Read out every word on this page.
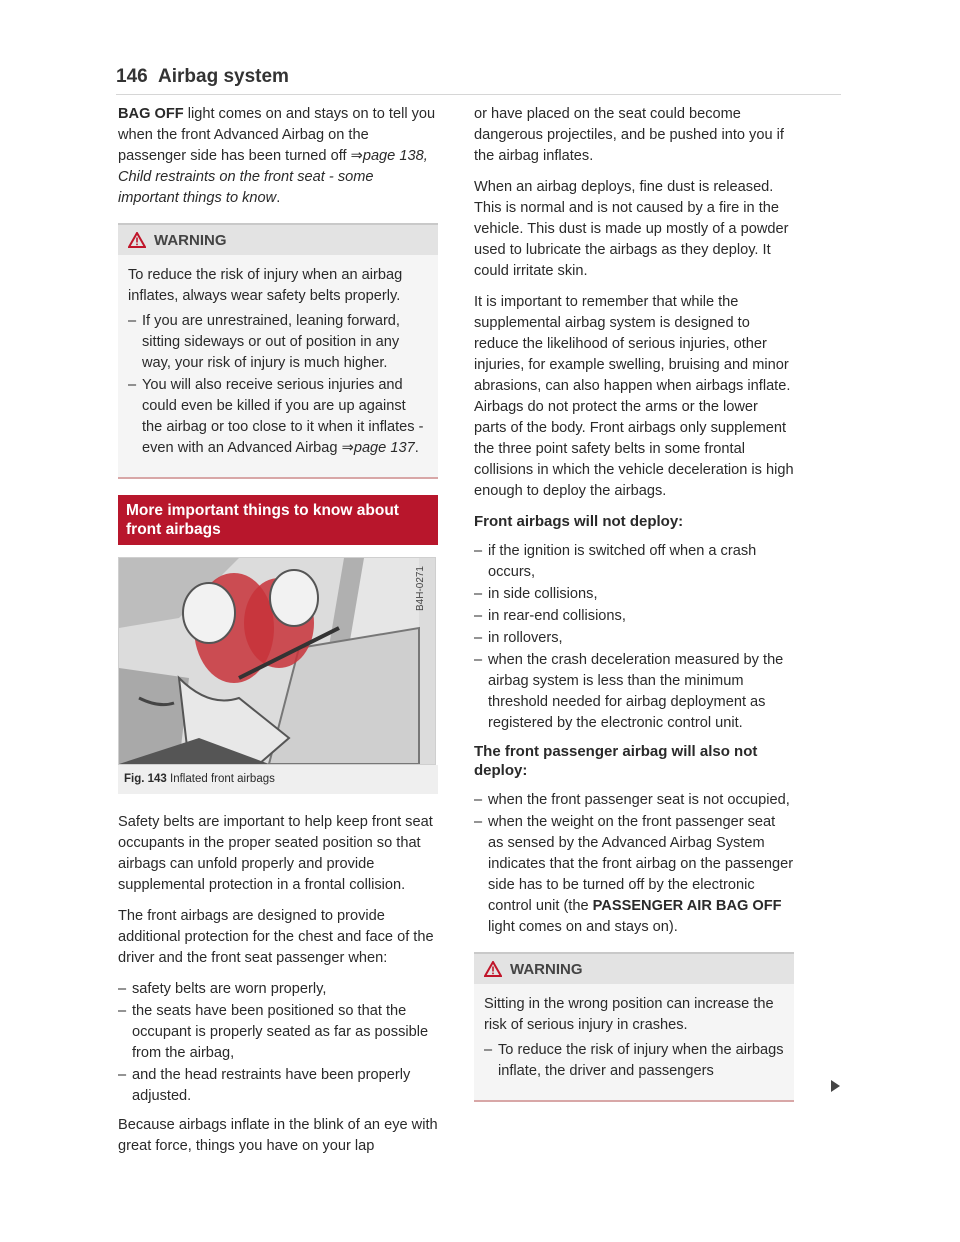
146 Airbag system

BAG OFF light comes on and stays on to tell you when the front Advanced Airbag on the passenger side has been turned off ⇒page 138, Child restraints on the front seat - some important things to know.

WARNING

To reduce the risk of injury when an airbag inflates, always wear safety belts properly.

– If you are unrestrained, leaning forward, sitting sideways or out of position in any way, your risk of injury is much higher.
– You will also receive serious injuries and could even be killed if you are up against the airbag or too close to it when it inflates - even with an Advanced Airbag ⇒page 137.
More important things to know about front airbags
B4H-0271
Fig. 143 Inflated front airbags

Safety belts are important to help keep front seat occupants in the proper seated position so that airbags can unfold properly and provide supplemental protection in a frontal collision.

The front airbags are designed to provide additional protection for the chest and face of the driver and the front seat passenger when:

– safety belts are worn properly,
– the seats have been positioned so that the occupant is properly seated as far as possible from the airbag,
– and the head restraints have been properly adjusted.

Because airbags inflate in the blink of an eye with great force, things you have on your lap

or have placed on the seat could become dangerous projectiles, and be pushed into you if the airbag inflates.

When an airbag deploys, fine dust is released. This is normal and is not caused by a fire in the vehicle. This dust is made up mostly of a powder used to lubricate the airbags as they deploy. It could irritate skin.

It is important to remember that while the supplemental airbag system is designed to reduce the likelihood of serious injuries, other injuries, for example swelling, bruising and minor abrasions, can also happen when airbags inflate. Airbags do not protect the arms or the lower parts of the body. Front airbags only supplement the three point safety belts in some frontal collisions in which the vehicle deceleration is high enough to deploy the airbags.

Front airbags will not deploy:
– if the ignition is switched off when a crash occurs,
– in side collisions,
– in rear-end collisions,
– in rollovers,
– when the crash deceleration measured by the airbag system is less than the minimum threshold needed for airbag deployment as registered by the electronic control unit.
The front passenger airbag will also not deploy:
– when the front passenger seat is not occupied,
– when the weight on the front passenger seat as sensed by the Advanced Airbag System indicates that the front airbag on the passenger side has to be turned off by the electronic control unit (the PASSENGER AIR BAG OFF light comes on and stays on).
WARNING

Sitting in the wrong position can increase the risk of serious injury in crashes.

– To reduce the risk of injury when the airbags inflate, the driver and passengers
